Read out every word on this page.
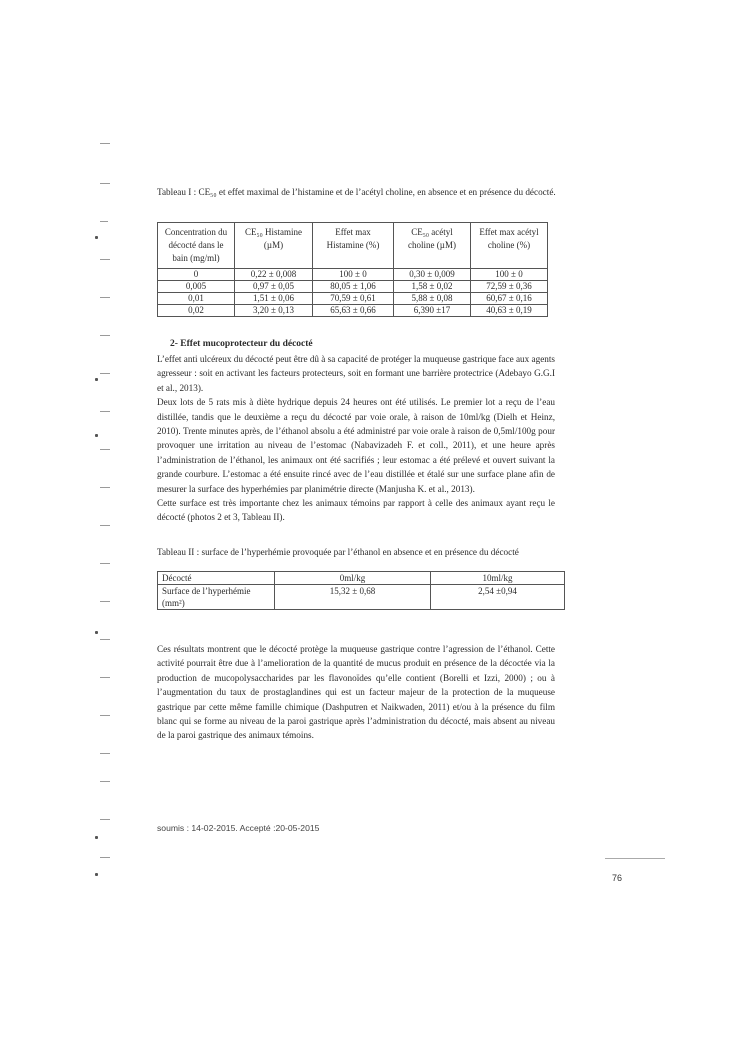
Tableau I : CE₅₀ et effet maximal de l’histamine et de l’acétyl choline, en absence et en présence du décocté.
Concentration du décocté dans le bain (mg/ml)	CE₅₀ Histamine (µM)	Effet max Histamine (%)	CE₅₀ acétyl choline (µM)	Effet max acétyl choline (%)
0	0,22 ± 0,008	100 ± 0	0,30 ± 0,009	100 ± 0
0,005	0,97 ± 0,05	80,05 ± 1,06	1,58 ± 0,02	72,59 ± 0,36
0,01	1,51 ± 0,06	70,59 ± 0,61	5,88 ± 0,08	60,67 ± 0,16
0,02	3,20 ± 0,13	65,63 ± 0,66	6,390 ±17	40,63 ± 0,19
2- Effet mucoprotecteur du décocté

L’effet anti ulcéreux du décocté peut être dû à sa capacité de protéger la muqueuse gastrique face aux agents agresseur : soit en activant les facteurs protecteurs, soit en formant une barrière protectrice (Adebayo G.G.I et al., 2013).

Deux lots de 5 rats mis à diète hydrique depuis 24 heures ont été utilisés. Le premier lot a reçu de l’eau distillée, tandis que le deuxième a reçu du décocté par voie orale, à raison de 10ml/kg (Dielh et Heinz, 2010). Trente minutes après, de l’éthanol absolu a été administré par voie orale à raison de 0,5ml/100g pour provoquer une irritation au niveau de l’estomac (Nabavizadeh F. et coll., 2011), et une heure après l’administration de l’éthanol, les animaux ont été sacrifiés ; leur estomac a été prélevé et ouvert suivant la grande courbure. L’estomac a été ensuite rincé avec de l’eau distillée et étalé sur une surface plane afin de mesurer la surface des hyperhémies par planimétrie directe (Manjusha K. et al., 2013).

Cette surface est très importante chez les animaux témoins par rapport à celle des animaux ayant reçu le décocté (photos 2 et 3, Tableau II).

Tableau II : surface de l’hyperhémie provoquée par l’éthanol en absence et en présence du décocté
Décocté	0ml/kg	10ml/kg

Surface de l’hyperhémie
(mm²)	15,32 ± 0,68	2,54 ±0,94
Ces résultats montrent que le décocté protège la muqueuse gastrique contre l’agression de l’éthanol. Cette activité pourrait être due à l’amelioration de la quantité de mucus produit en présence de la décoctée via la production de mucopolysaccharides par les flavonoïdes qu’elle contient (Borelli et Izzi, 2000) ; ou à l’augmentation du taux de prostaglandines qui est un facteur majeur de la protection de la muqueuse gastrique par cette même famille chimique (Dashputren et Naikwaden, 2011) et/ou à la présence du film blanc qui se forme au niveau de la paroi gastrique après l’administration du décocté, mais absent au niveau de la paroi gastrique des animaux témoins.
soumis : 14-02-2015. Accepté :20-05-2015
76
